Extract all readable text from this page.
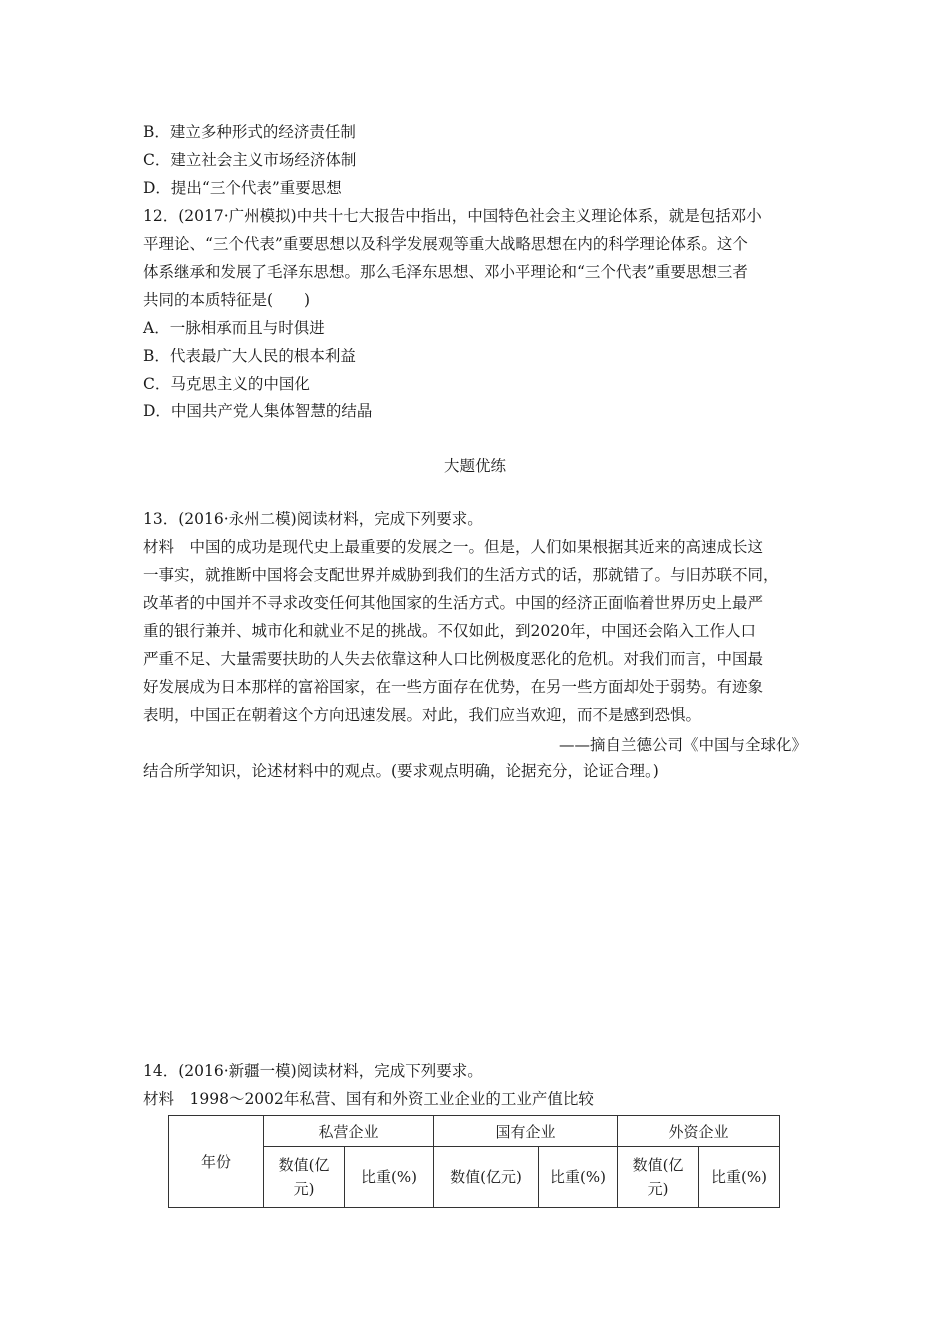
B．建立多种形式的经济责任制
C．建立社会主义市场经济体制
D．提出“三个代表”重要思想
12．(2017·广州模拟)中共十七大报告中指出，中国特色社会主义理论体系，就是包括邓小
平理论、“三个代表”重要思想以及科学发展观等重大战略思想在内的科学理论体系。这个
体系继承和发展了毛泽东思想。那么毛泽东思想、邓小平理论和“三个代表”重要思想三者
共同的本质特征是(　　)
A．一脉相承而且与时俱进
B．代表最广大人民的根本利益
C．马克思主义的中国化
D．中国共产党人集体智慧的结晶
大题优练
13．(2016·永州二模)阅读材料，完成下列要求。
材料　中国的成功是现代史上最重要的发展之一。但是，人们如果根据其近来的高速成长这
一事实，就推断中国将会支配世界并威胁到我们的生活方式的话，那就错了。与旧苏联不同，
改革者的中国并不寻求改变任何其他国家的生活方式。中国的经济正面临着世界历史上最严
重的银行兼并、城市化和就业不足的挑战。不仅如此，到2020年，中国还会陷入工作人口
严重不足、大量需要扶助的人失去依靠这种人口比例极度恶化的危机。对我们而言，中国最
好发展成为日本那样的富裕国家，在一些方面存在优势，在另一些方面却处于弱势。有迹象
表明，中国正在朝着这个方向迅速发展。对此，我们应当欢迎，而不是感到恐惧。
——摘自兰德公司《中国与全球化》
结合所学知识，论述材料中的观点。(要求观点明确，论据充分，论证合理。)
14．(2016·新疆一模)阅读材料，完成下列要求。
材料　1998～2002年私营、国有和外资工业企业的工业产值比较
年份	私营企业		国有企业		外资企业	
	数值(亿元)	比重(%)	数值(亿元)	比重(%)	数值(亿元)	比重(%)
